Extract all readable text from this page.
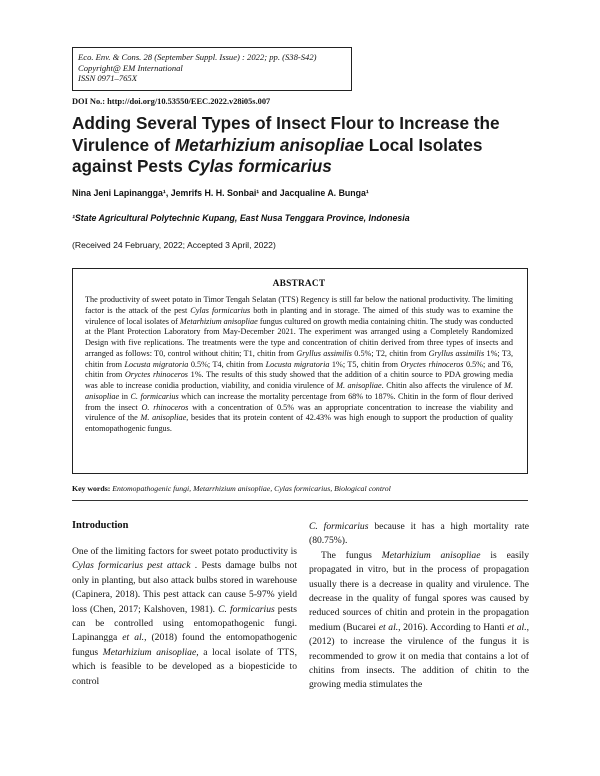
Eco. Env. & Cons. 28 (September Suppl. Issue) : 2022; pp. (S38-S42)
Copyright@ EM International
ISSN 0971–765X
DOI No.: http://doi.org/10.53550/EEC.2022.v28i05s.007
Adding Several Types of Insect Flour to Increase the Virulence of Metarhizium anisopliae Local Isolates against Pests Cylas formicarius
Nina Jeni Lapinangga¹, Jemrifs H. H. Sonbai¹ and Jacqualine A. Bunga¹
¹State Agricultural Polytechnic Kupang, East Nusa Tenggara Province, Indonesia
(Received 24 February, 2022; Accepted 3 April, 2022)
ABSTRACT
The productivity of sweet potato in Timor Tengah Selatan (TTS) Regency is still far below the national productivity. The limiting factor is the attack of the pest Cylas formicarius both in planting and in storage. The aimed of this study was to examine the virulence of local isolates of Metarhizium anisopliae fungus cultured on growth media containing chitin. The study was conducted at the Plant Protection Laboratory from May-December 2021. The experiment was arranged using a Completely Randomized Design with five replications. The treatments were the type and concentration of chitin derived from three types of insects and arranged as follows: T0, control without chitin; T1, chitin from Gryllus assimilis 0.5%; T2, chitin from Gryllus assimilis 1%; T3, chitin from Locusta migratoria 0.5%; T4, chitin from Locusta migratoria 1%; T5, chitin from Oryctes rhinoceros 0.5%; and T6, chitin from Oryctes rhinoceros 1%. The results of this study showed that the addition of a chitin source to PDA growing media was able to increase conidia production, viability, and conidia virulence of M. anisopliae. Chitin also affects the virulence of M. anisopliae in C. formicarius which can increase the mortality percentage from 68% to 187%. Chitin in the form of flour derived from the insect O. rhinoceros with a concentration of 0.5% was an appropriate concentration to increase the viability and virulence of the M. anisopliae, besides that its protein content of 42.43% was high enough to support the production of quality entomopathogenic fungus.
Key words: Entomopathogenic fungi, Metarrhizium anisopliae, Cylas formicarius, Biological control
Introduction

One of the limiting factors for sweet potato productivity is Cylas formicarius pest attack . Pests damage bulbs not only in planting, but also attack bulbs stored in warehouse (Capinera, 2018). This pest attack can cause 5-97% yield loss (Chen, 2017; Kalshoven, 1981). C. formicarius pests can be controlled using entomopathogenic fungi. Lapinangga et al., (2018) found the entomopathogenic fungus Metarhizium anisopliae, a local isolate of TTS, which is feasible to be developed as a biopesticide to control

C. formicarius because it has a high mortality rate (80.75%).

The fungus Metarhizium anisopliae is easily propagated in vitro, but in the process of propagation usually there is a decrease in quality and virulence. The decrease in the quality of fungal spores was caused by reduced sources of chitin and protein in the propagation medium (Bucarei et al., 2016). According to Hanti et al., (2012) to increase the virulence of the fungus it is recommended to grow it on media that contains a lot of chitins from insects. The addition of chitin to the growing media stimulates the
